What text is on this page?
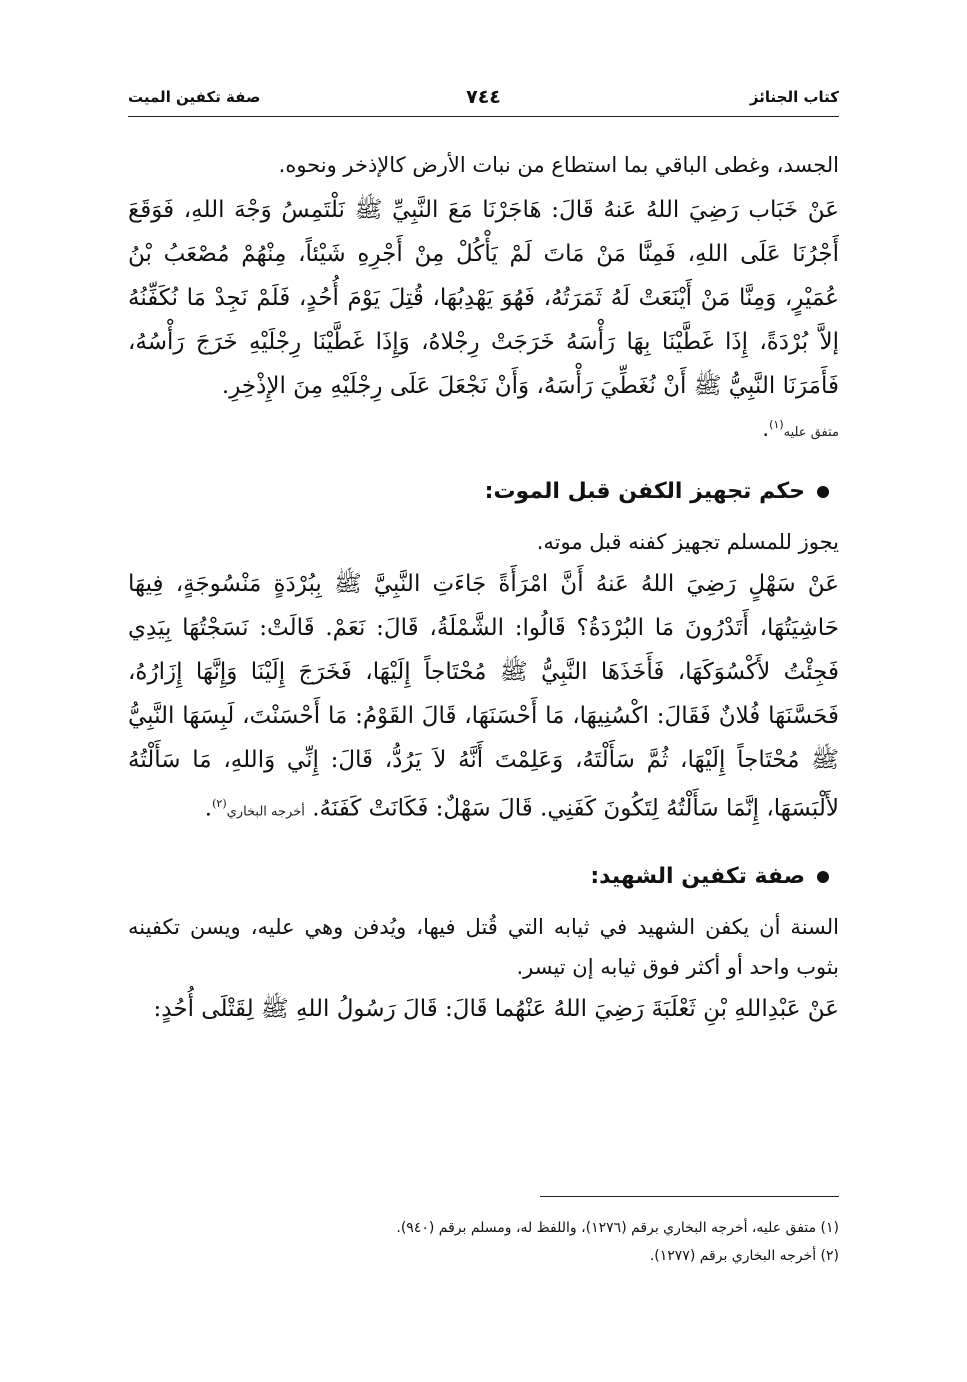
كتاب الجنائز
٧٤٤
صفة تكفين الميت

الجسد، وغطى الباقي بما استطاع من نبات الأرض كالإذخر ونحوه.

عَنْ خَبَاب رَضِيَ اللهُ عَنهُ قَالَ: هَاجَرْنَا مَعَ النَّبِيِّ ﷺ نَلْتَمِسُ وَجْهَ اللهِ، فَوَقَعَ أَجْرُنَا عَلَى اللهِ، فَمِنَّا مَنْ مَاتَ لَمْ يَأْكُلْ مِنْ أَجْرِهِ شَيْئاً، مِنْهُمْ مُصْعَبُ بْنُ عُمَيْرٍ، وَمِنَّا مَنْ أَيْنَعَتْ لَهُ ثَمَرَتُهُ، فَهُوَ يَهْدِبُهَا، قُتِلَ يَوْمَ أُحُدٍ، فَلَمْ نَجِدْ مَا نُكَفِّنُهُ إلاَّ بُرْدَةً، إِذَا غَطَّيْنَا بِهَا رَأْسَهُ خَرَجَتْ رِجْلاهُ، وَإِذَا غَطَّيْنَا رِجْلَيْهِ خَرَجَ رَأْسُهُ، فَأَمَرَنَا النَّبِيُّ ﷺ أَنْ نُغَطِّيَ رَأْسَهُ، وَأَنْ نَجْعَلَ عَلَى رِجْلَيْهِ مِنَ الإِذْخِرِ.

متفق عليه$^{(١)}$.

حكم تجهيز الكفن قبل الموت:

يجوز للمسلم تجهيز كفنه قبل موته.

عَنْ سَهْلٍ رَضِيَ اللهُ عَنهُ أَنَّ امْرَأَةً جَاءَتِ النَّبِيَّ ﷺ بِبُرْدَةٍ مَنْسُوجَةٍ، فِيهَا حَاشِيَتُهَا، أَتَدْرُونَ مَا البُرْدَةُ؟ قَالُوا: الشَّمْلَةُ، قَالَ: نَعَمْ. قَالَتْ: نَسَجْتُهَا بِيَدِي فَجِئْتُ لأَكْسُوَكَهَا، فَأَخَذَهَا النَّبِيُّ ﷺ مُحْتَاجاً إِلَيْهَا، فَخَرَجَ إِلَيْنَا وَإِنَّهَا إِزَارُهُ، فَحَسَّنَهَا فُلانٌ فَقَالَ: اكْسُنِيهَا، مَا أَحْسَنَهَا، قَالَ القَوْمُ: مَا أَحْسَنْتَ، لَبِسَهَا النَّبِيُّ ﷺ مُحْتَاجاً إِلَيْهَا، ثُمَّ سَأَلْتَهُ، وَعَلِمْتَ أَنَّهُ لاَ يَرُدُّ، قَالَ: إِنِّي وَاللهِ، مَا سَأَلْتُهُ لأَلْبَسَهَا، إِنَّمَا سَأَلْتُهُ لِتَكُونَ كَفَنِي. قَالَ سَهْلٌ: فَكَانَتْ كَفَنَهُ. أخرجه البخاري$^{(٢)}$.

صفة تكفين الشهيد:

السنة أن يكفن الشهيد في ثيابه التي قُتل فيها، ويُدفن وهي عليه، ويسن تكفينه بثوب واحد أو أكثر فوق ثيابه إن تيسر.

عَنْ عَبْدِاللهِ بْنِ ثَعْلَبَةَ رَضِيَ اللهُ عَنْهُما قَالَ: قَالَ رَسُولُ اللهِ ﷺ لِقَتْلَى أُحُدٍ:

(١) متفق عليه، أخرجه البخاري برقم (١٢٧٦)، واللفظ له، ومسلم برقم (٩٤٠).

(٢) أخرجه البخاري برقم (١٢٧٧).
